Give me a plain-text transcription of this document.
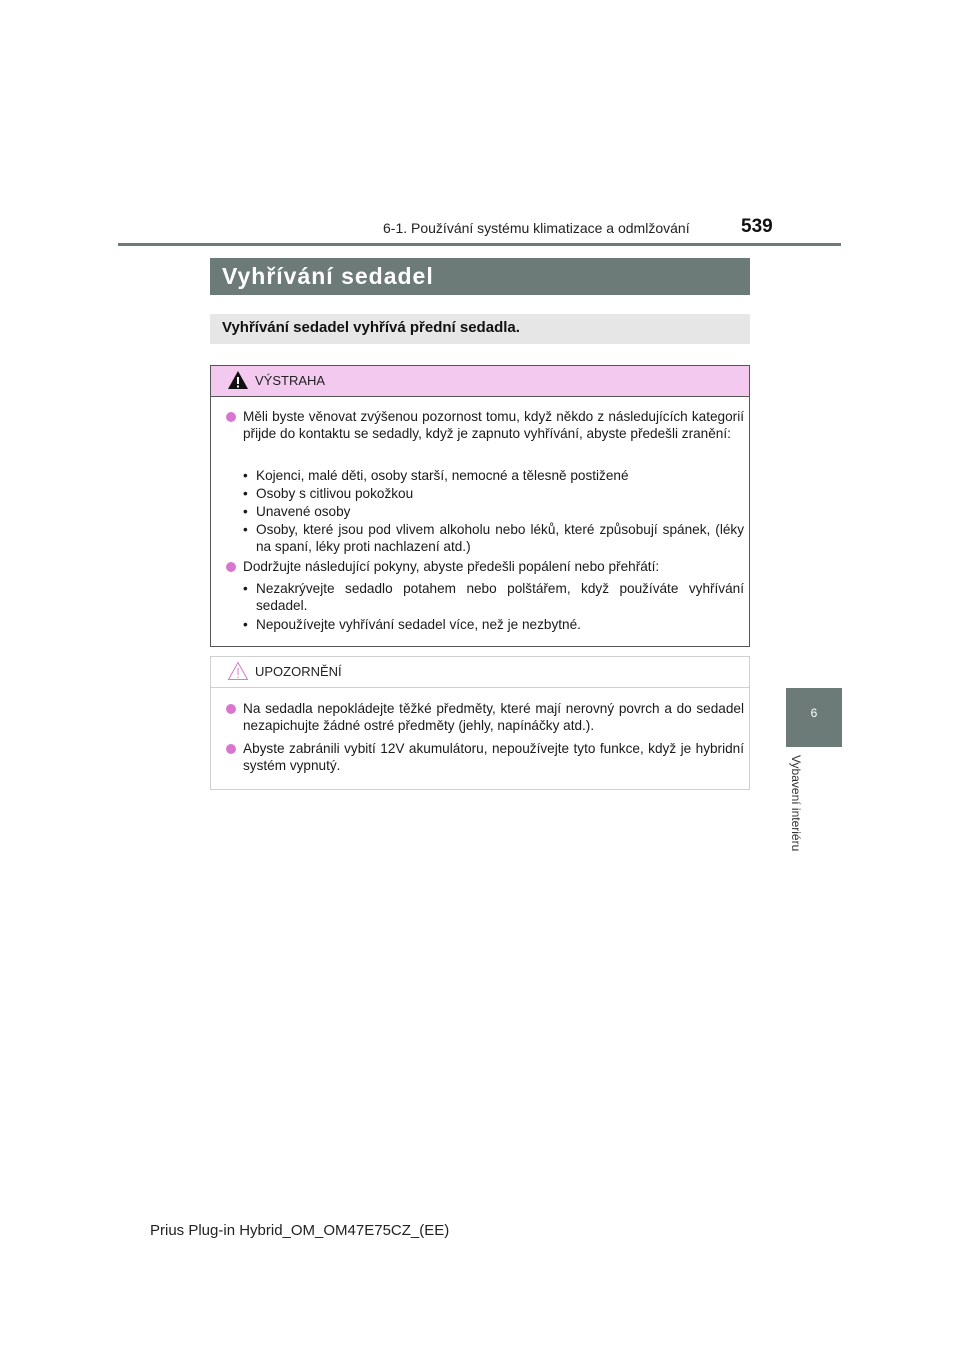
6-1. Používání systému klimatizace a odmlžování	539
6
Vybavení interiéru
Vyhřívání sedadel
Vyhřívání sedadel vyhřívá přední sedadla.
VÝSTRAHA
Měli byste věnovat zvýšenou pozornost tomu, když někdo z následujících kategorií přijde do kontaktu se sedadly, když je zapnuto vyhřívání, abyste předešli zranění:
• Kojenci, malé děti, osoby starší, nemocné a tělesně postižené
• Osoby s citlivou pokožkou
• Unavené osoby
• Osoby, které jsou pod vlivem alkoholu nebo léků, které způsobují spánek, (léky na spaní, léky proti nachlazení atd.)
Dodržujte následující pokyny, abyste předešli popálení nebo přehřátí:
• Nezakrývejte sedadlo potahem nebo polštářem, když používáte vyhřívání sedadel.
• Nepoužívejte vyhřívání sedadel více, než je nezbytné.
UPOZORNĚNÍ
Na sedadla nepokládejte těžké předměty, které mají nerovný povrch a do sedadel nezapichujte žádné ostré předměty (jehly, napínáčky atd.).
Abyste zabránili vybití 12V akumulátoru, nepoužívejte tyto funkce, když je hybridní systém vypnutý.
Prius Plug-in Hybrid_OM_OM47E75CZ_(EE)
